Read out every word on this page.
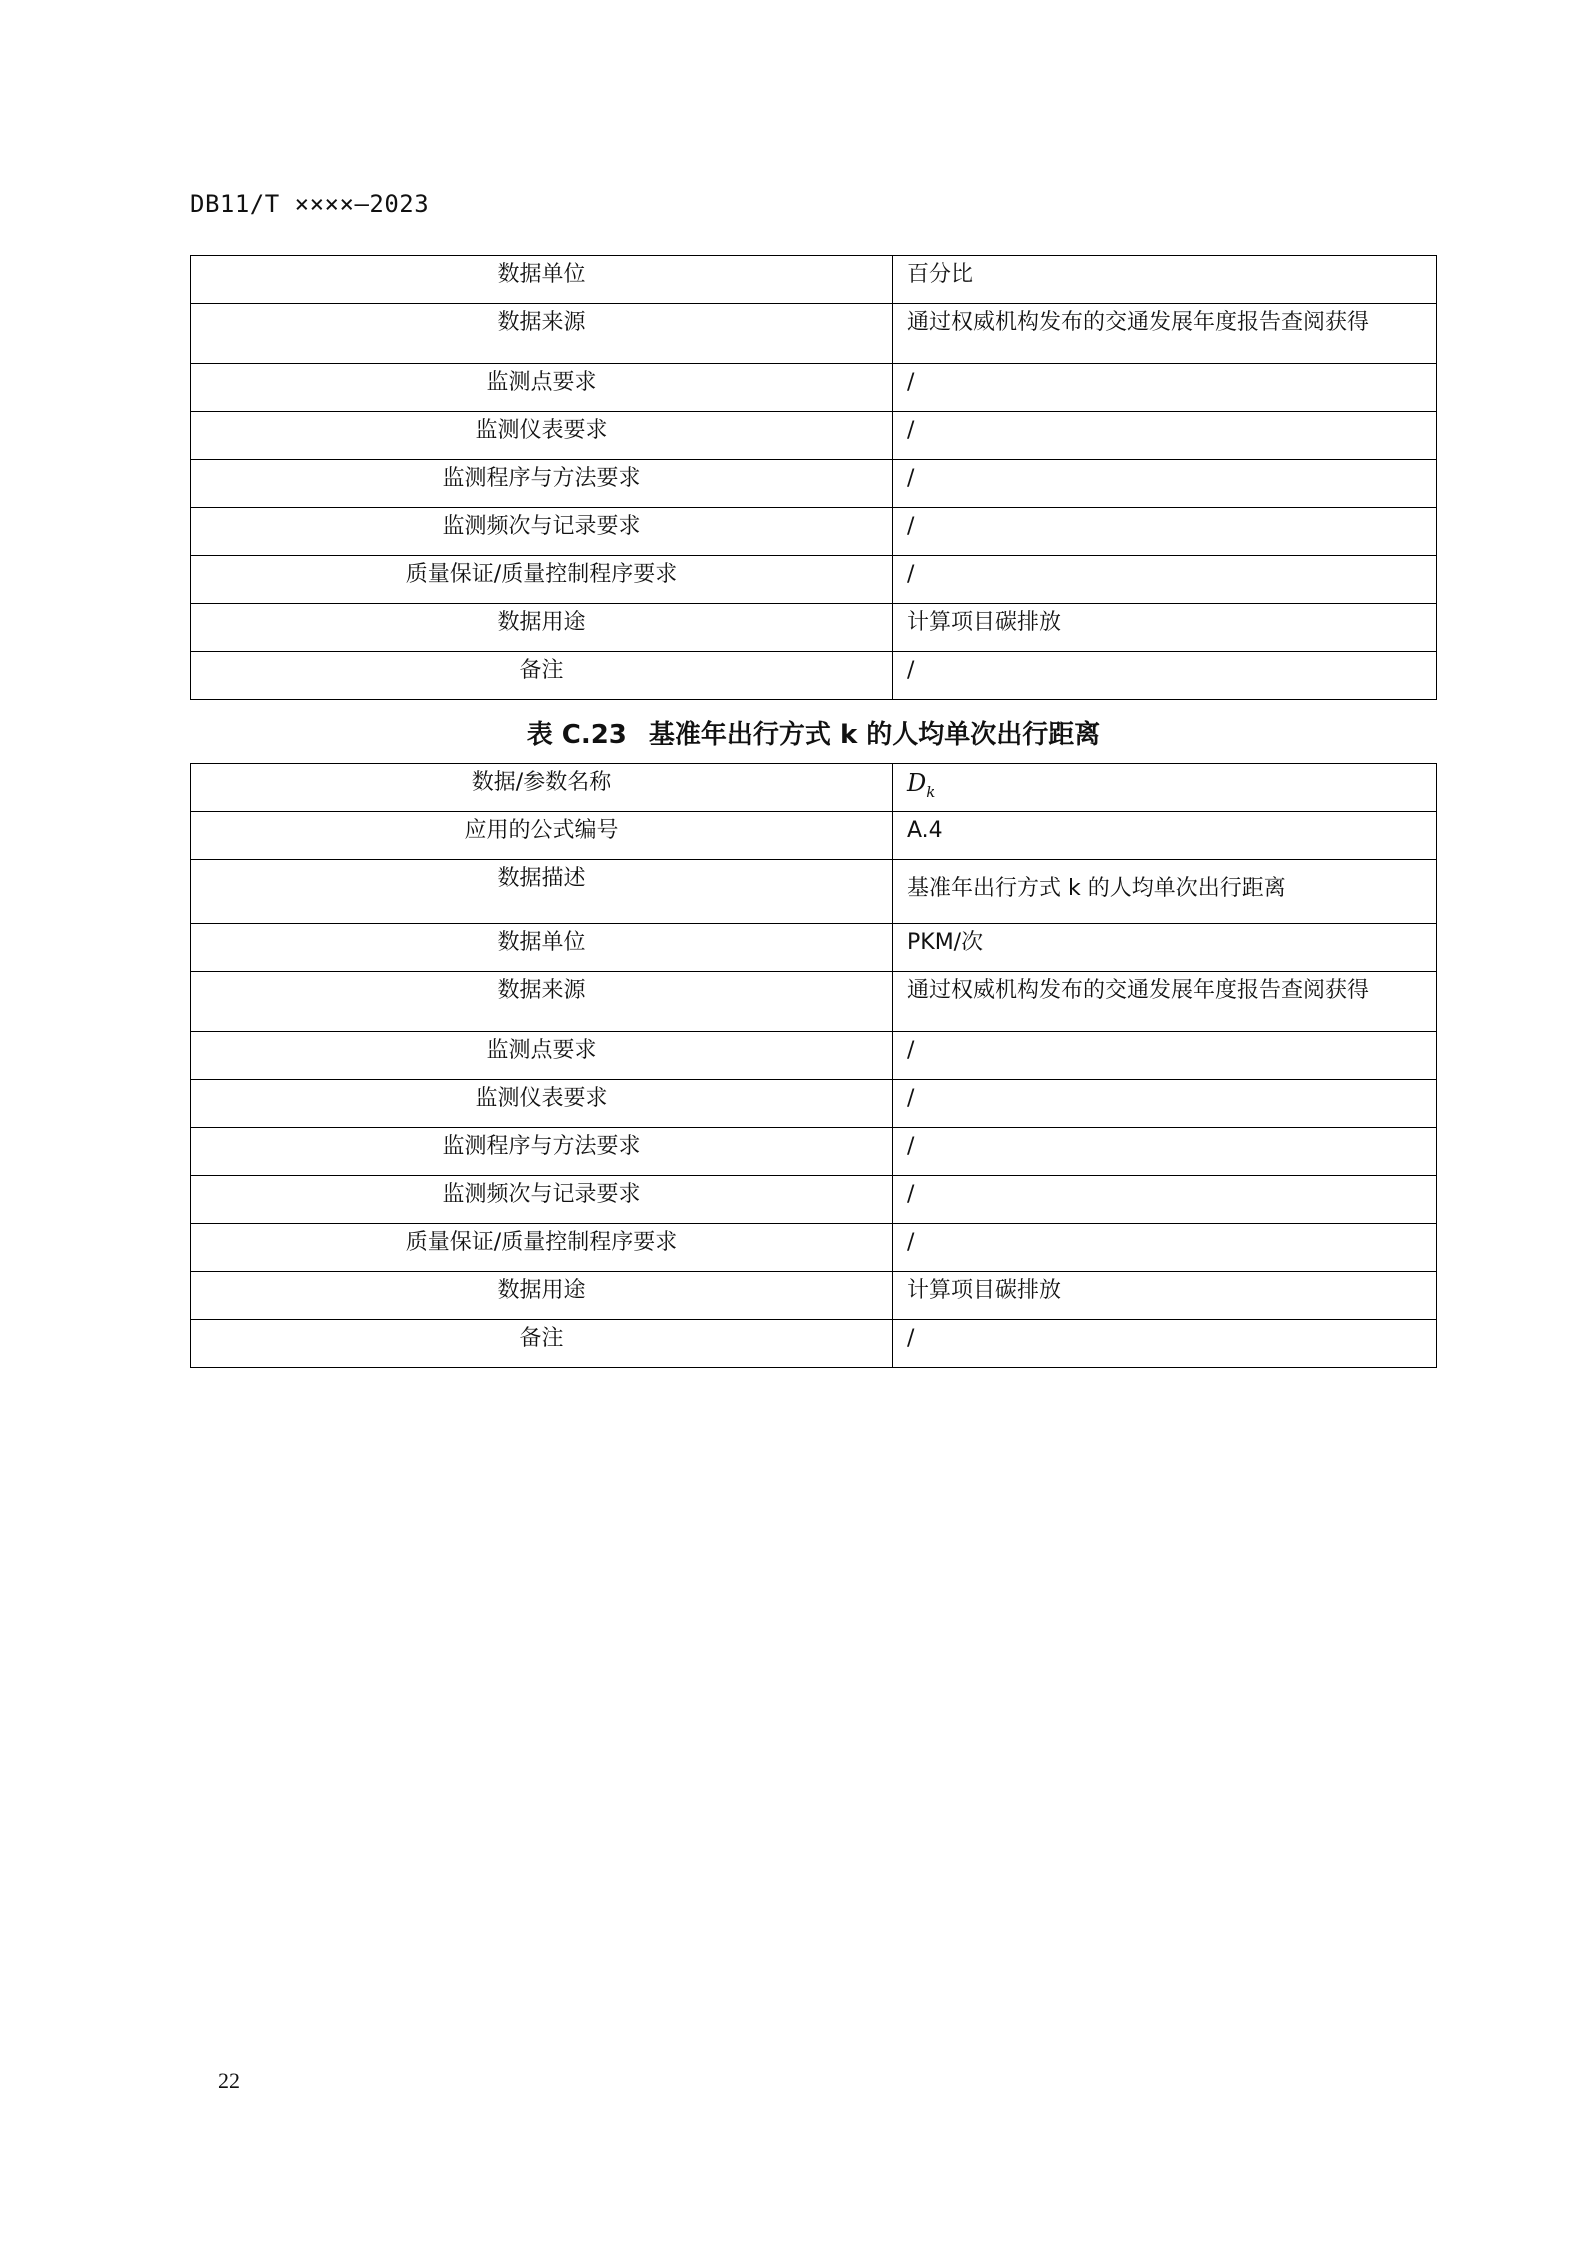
DB11/T ××××—2023
数据单位	百分比
数据来源	通过权威机构发布的交通发展年度报告查阅获得
监测点要求	/
监测仪表要求	/
监测程序与方法要求	/
监测频次与记录要求	/
质量保证/质量控制程序要求	/
数据用途	计算项目碳排放
备注	/
表 C.23 基准年出行方式 k 的人均单次出行距离
数据/参数名称	$D_k$
应用的公式编号	A.4
数据描述	基准年出行方式 k 的人均单次出行距离
数据单位	PKM/次
数据来源	通过权威机构发布的交通发展年度报告查阅获得
监测点要求	/
监测仪表要求	/
监测程序与方法要求	/
监测频次与记录要求	/
质量保证/质量控制程序要求	/
数据用途	计算项目碳排放
备注	/
22
